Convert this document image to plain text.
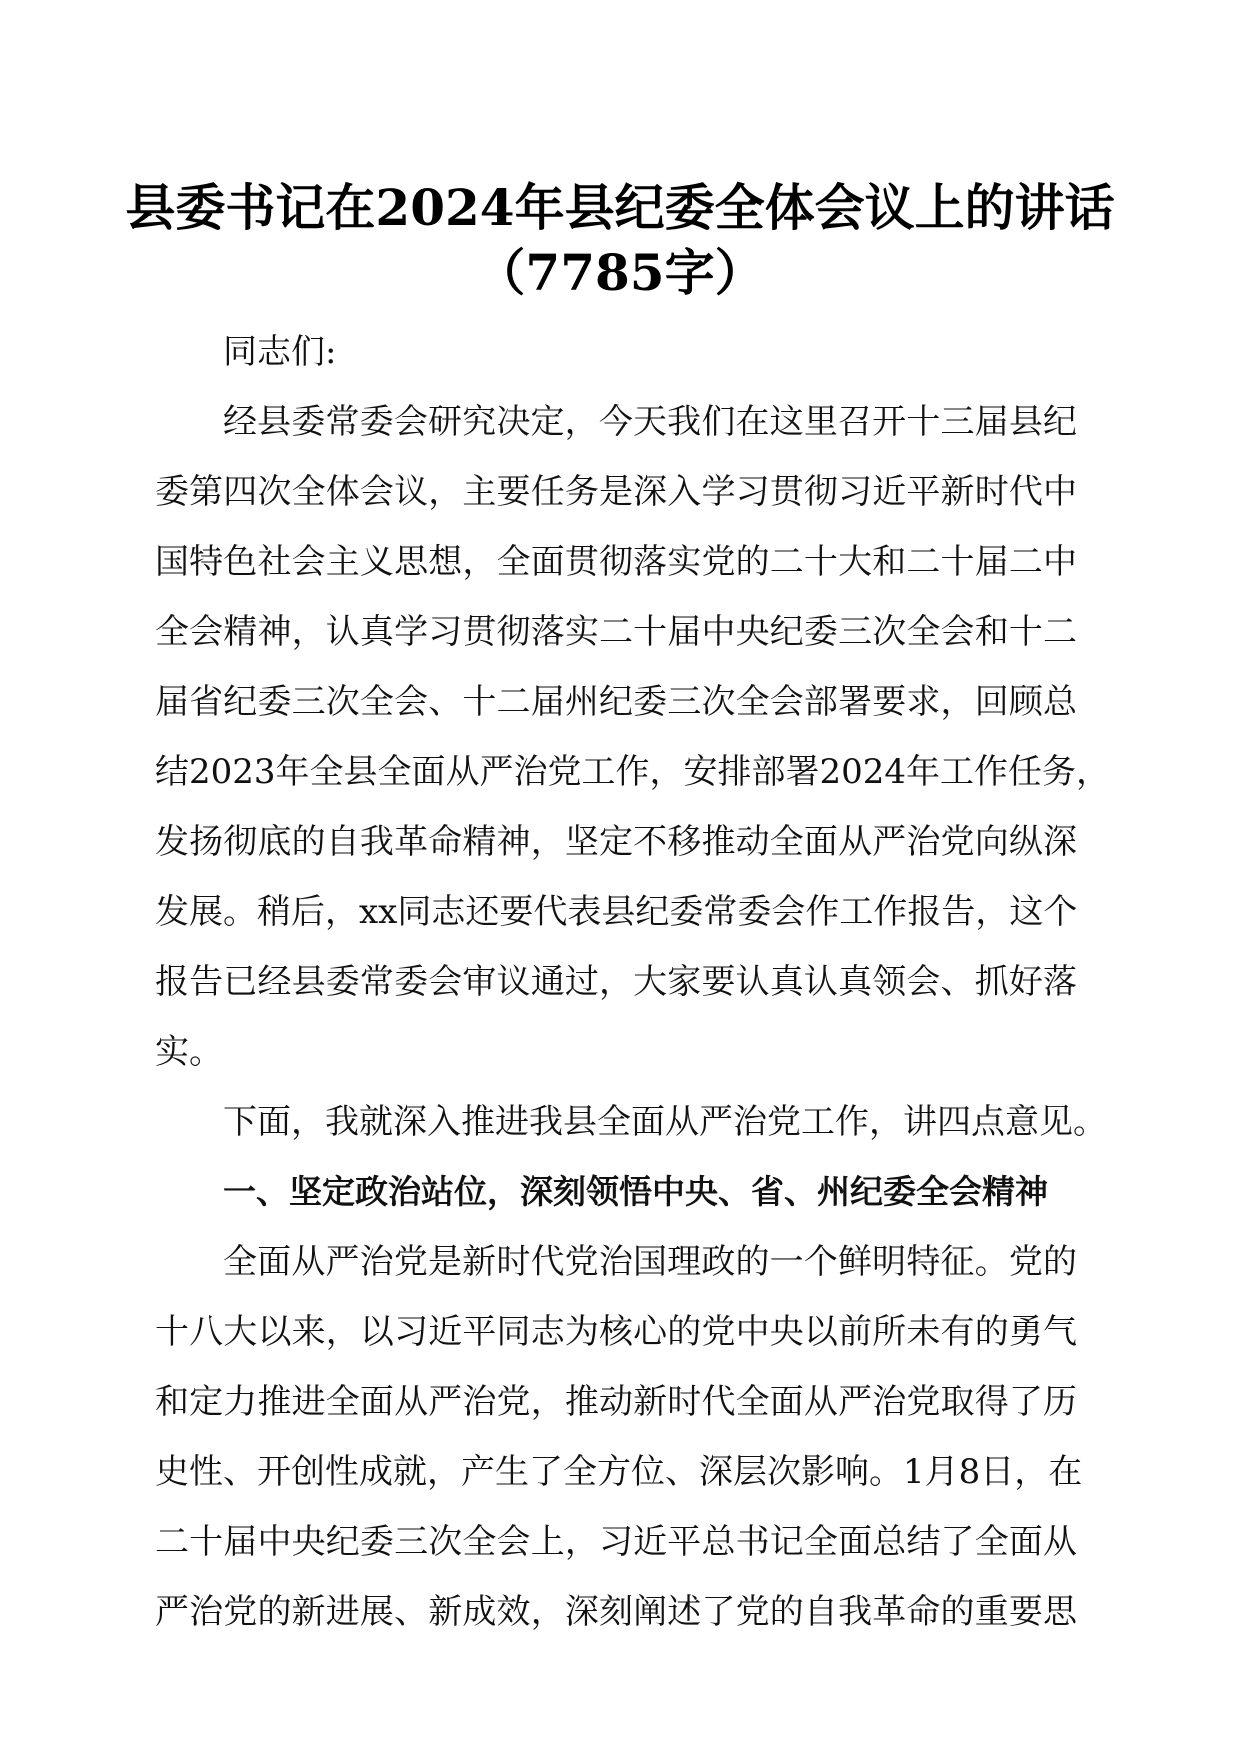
县委书记在2024年县纪委全体会议上的讲话
（7785字）
同志们:
经县委常委会研究决定，今天我们在这里召开十三届县纪
委第四次全体会议，主要任务是深入学习贯彻习近平新时代中
国特色社会主义思想，全面贯彻落实党的二十大和二十届二中
全会精神，认真学习贯彻落实二十届中央纪委三次全会和十二
届省纪委三次全会、十二届州纪委三次全会部署要求，回顾总
结2023年全县全面从严治党工作，安排部署2024年工作任务，
发扬彻底的自我革命精神，坚定不移推动全面从严治党向纵深
发展。稍后，xx同志还要代表县纪委常委会作工作报告，这个
报告已经县委常委会审议通过，大家要认真认真领会、抓好落
实。
下面，我就深入推进我县全面从严治党工作，讲四点意见。
一、坚定政治站位，深刻领悟中央、省、州纪委全会精神
全面从严治党是新时代党治国理政的一个鲜明特征。党的
十八大以来，以习近平同志为核心的党中央以前所未有的勇气
和定力推进全面从严治党，推动新时代全面从严治党取得了历
史性、开创性成就，产生了全方位、深层次影响。1月8日，在
二十届中央纪委三次全会上，习近平总书记全面总结了全面从
严治党的新进展、新成效，深刻阐述了党的自我革命的重要思
